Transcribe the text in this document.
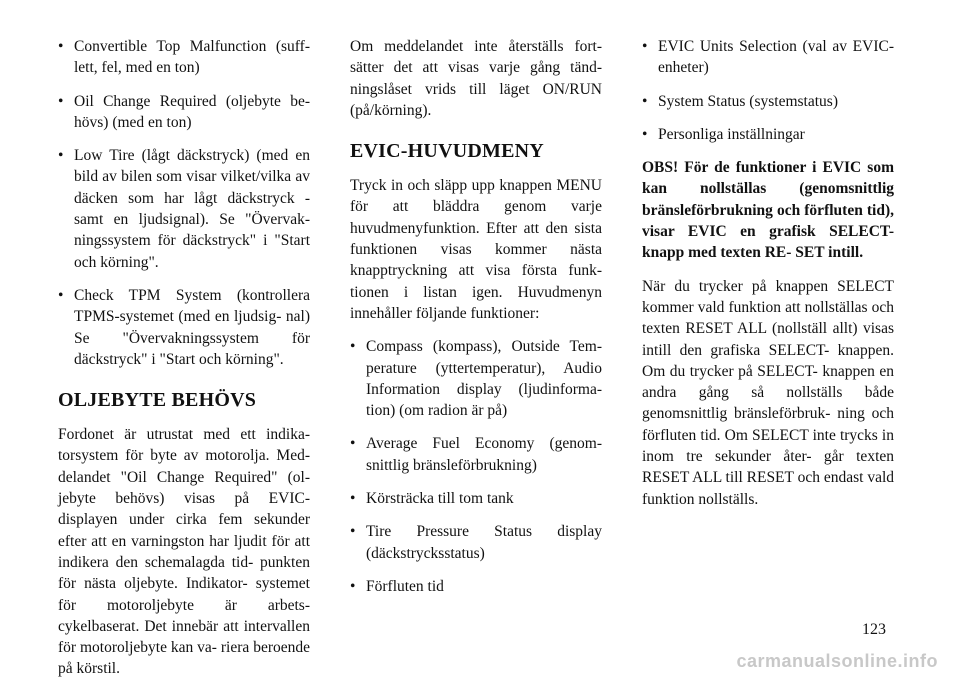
• Convertible Top Malfunction (suff- lett, fel, med en ton)
• Oil Change Required (oljebyte be- hövs) (med en ton)
• Low Tire (lågt däckstryck) (med en bild av bilen som visar vilket/vilka av däcken som har lågt däckstryck - samt en ljudsignal). Se "Övervak- ningssystem för däckstryck" i "Start och körning".
• Check TPM System (kontrollera TPMS-systemet (med en ljudsig- nal) Se "Övervakningssystem för däckstryck" i "Start och körning".
OLJEBYTE BEHÖVS

Fordonet är utrustat med ett indika- torsystem för byte av motorolja. Med- delandet "Oil Change Required" (ol- jebyte behövs) visas på EVIC- displayen under cirka fem sekunder efter att en varningston har ljudit för att indikera den schemalagda tid- punkten för nästa oljebyte. Indikator- systemet för motoroljebyte är arbets- cykelbaserat. Det innebär att intervallen för motoroljebyte kan va- riera beroende på körstil.

Om meddelandet inte återställs fort- sätter det att visas varje gång tänd- ningslåset vrids till läget ON/RUN (på/körning).

EVIC-HUVUDMENY

Tryck in och släpp upp knappen MENU för att bläddra genom varje huvudmenyfunktion. Efter att den sista funktionen visas kommer nästa knapptryckning att visa första funk- tionen i listan igen. Huvudmenyn innehåller följande funktioner:

• Compass (kompass), Outside Tem- perature (yttertemperatur), Audio Information display (ljudinforma- tion) (om radion är på)
• Average Fuel Economy (genom- snittlig bränsleförbrukning)
• Körsträcka till tom tank
• Tire Pressure Status display (däckstrycksstatus)
• Förfluten tid
• EVIC Units Selection (val av EVIC-enheter)
• System Status (systemstatus)
• Personliga inställningar

OBS! För de funktioner i EVIC som kan nollställas (genomsnittlig bränsleförbrukning och förfluten tid), visar EVIC en grafisk SELECT-knapp med texten RE- SET intill.

När du trycker på knappen SELECT kommer vald funktion att nollställas och texten RESET ALL (nollställ allt) visas intill den grafiska SELECT- knappen. Om du trycker på SELECT- knappen en andra gång så nollställs både genomsnittlig bränsleförbruk- ning och förfluten tid. Om SELECT inte trycks in inom tre sekunder åter- går texten RESET ALL till RESET och endast vald funktion nollställs.

123
carmanualsonline.info
